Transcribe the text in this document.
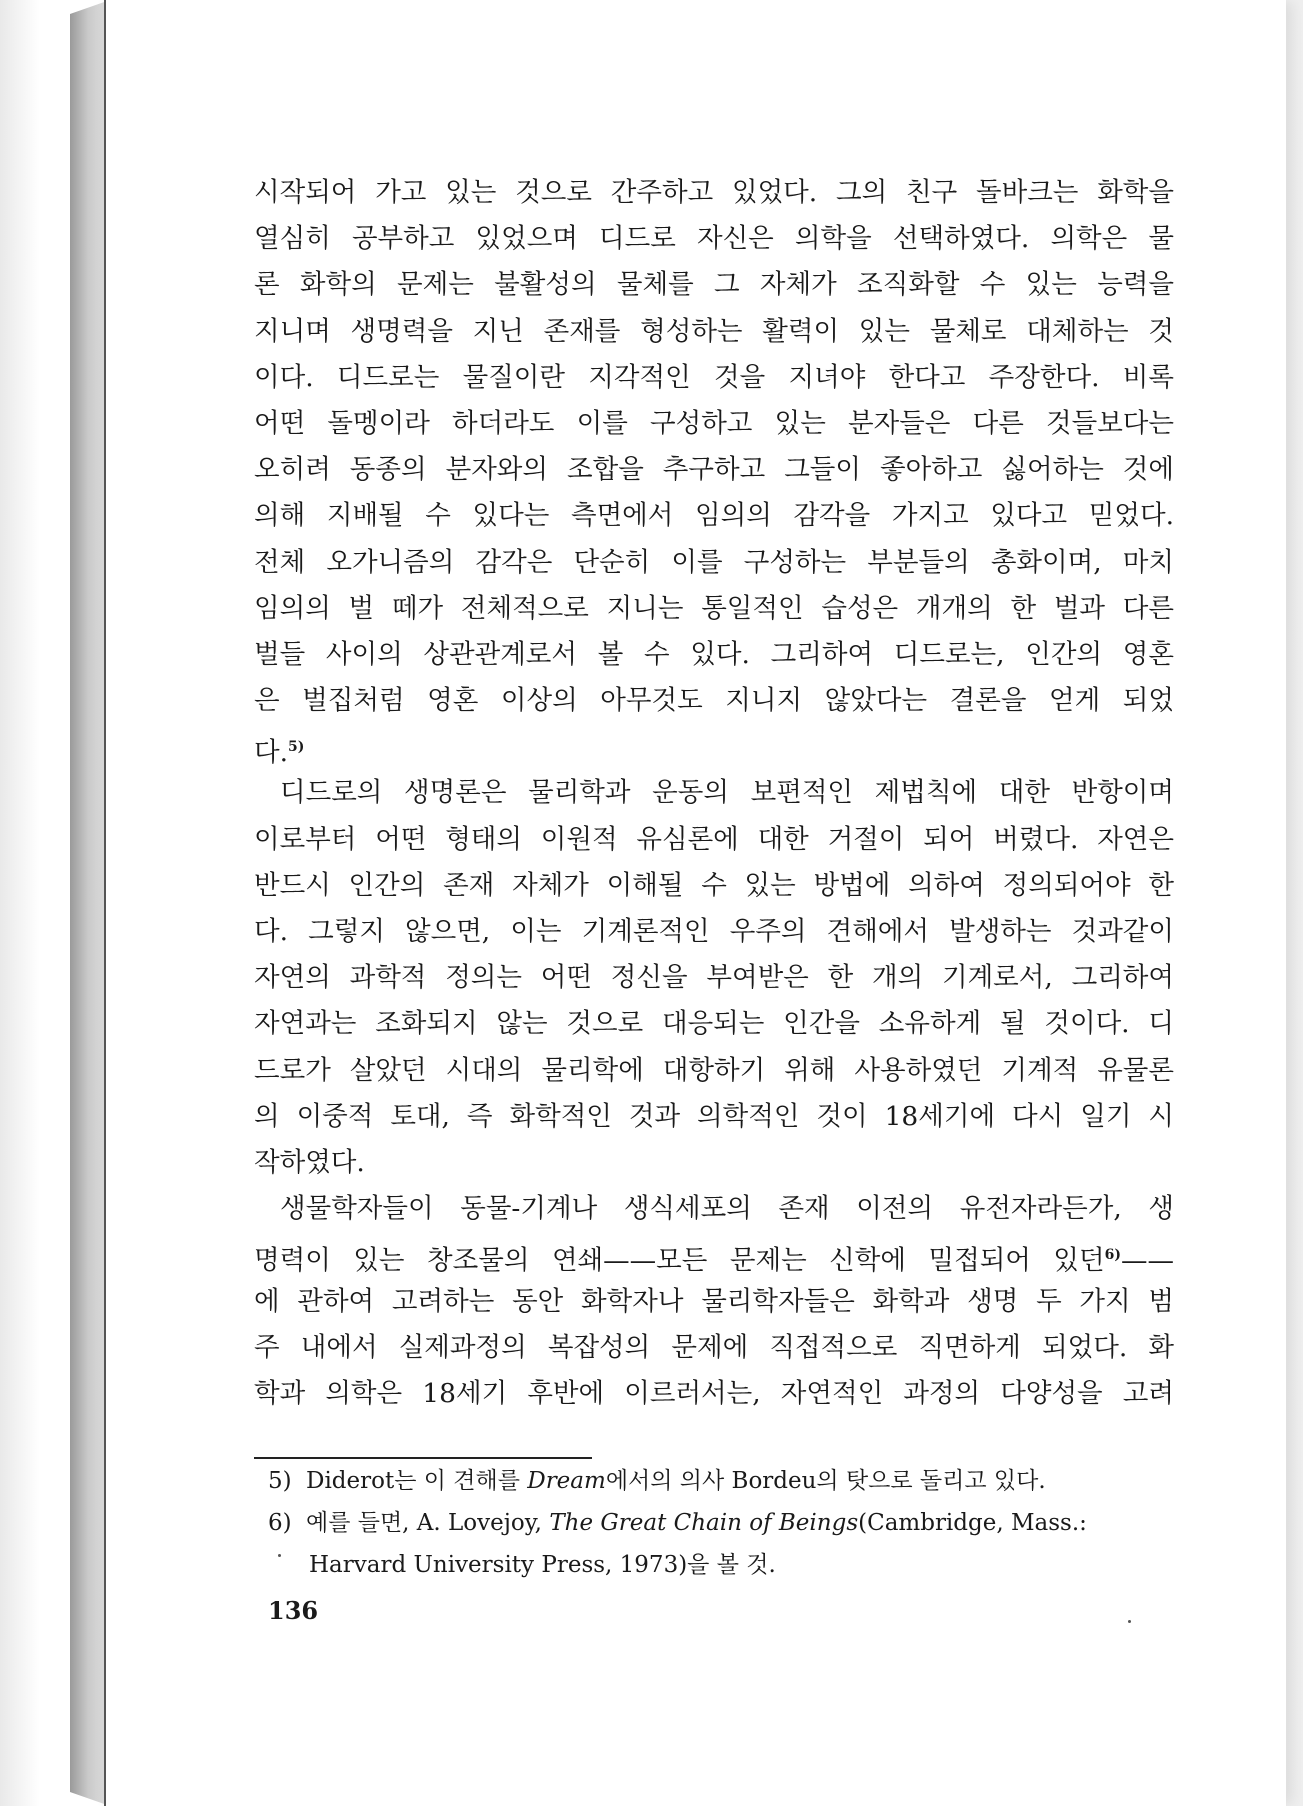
시작되어 가고 있는 것으로 간주하고 있었다. 그의 친구 돌바크는 화학을
열심히 공부하고 있었으며 디드로 자신은 의학을 선택하였다. 의학은 물
론 화학의 문제는 불활성의 물체를 그 자체가 조직화할 수 있는 능력을
지니며 생명력을 지닌 존재를 형성하는 활력이 있는 물체로 대체하는 것
이다. 디드로는 물질이란 지각적인 것을 지녀야 한다고 주장한다. 비록
어떤 돌멩이라 하더라도 이를 구성하고 있는 분자들은 다른 것들보다는
오히려 동종의 분자와의 조합을 추구하고 그들이 좋아하고 싫어하는 것에
의해 지배될 수 있다는 측면에서 임의의 감각을 가지고 있다고 믿었다.
전체 오가니즘의 감각은 단순히 이를 구성하는 부분들의 총화이며, 마치
임의의 벌 떼가 전체적으로 지니는 통일적인 습성은 개개의 한 벌과 다른
벌들 사이의 상관관계로서 볼 수 있다. 그리하여 디드로는, 인간의 영혼
은 벌집처럼 영혼 이상의 아무것도 지니지 않았다는 결론을 얻게 되었
다.$^{5)}$
디드로의 생명론은 물리학과 운동의 보편적인 제법칙에 대한 반항이며
이로부터 어떤 형태의 이원적 유심론에 대한 거절이 되어 버렸다. 자연은
반드시 인간의 존재 자체가 이해될 수 있는 방법에 의하여 정의되어야 한
다. 그렇지 않으면, 이는 기계론적인 우주의 견해에서 발생하는 것과같이
자연의 과학적 정의는 어떤 정신을 부여받은 한 개의 기계로서, 그리하여
자연과는 조화되지 않는 것으로 대응되는 인간을 소유하게 될 것이다. 디
드로가 살았던 시대의 물리학에 대항하기 위해 사용하였던 기계적 유물론
의 이중적 토대, 즉 화학적인 것과 의학적인 것이 18세기에 다시 일기 시
작하였다.
생물학자들이 동물-기계나 생식세포의 존재 이전의 유전자라든가, 생
명력이 있는 창조물의 연쇄——모든 문제는 신학에 밀접되어 있던$^{6)}$——
에 관하여 고려하는 동안 화학자나 물리학자들은 화학과 생명 두 가지 범
주 내에서 실제과정의 복잡성의 문제에 직접적으로 직면하게 되었다. 화
학과 의학은 18세기 후반에 이르러서는, 자연적인 과정의 다양성을 고려
5) Diderot는 이 견해를 Dream에서의 의사 Bordeu의 탓으로 돌리고 있다.
6) 예를 들면, A. Lovejoy, The Great Chain of Beings(Cambridge, Mass.:
Harvard University Press, 1973)을 볼 것.
136
